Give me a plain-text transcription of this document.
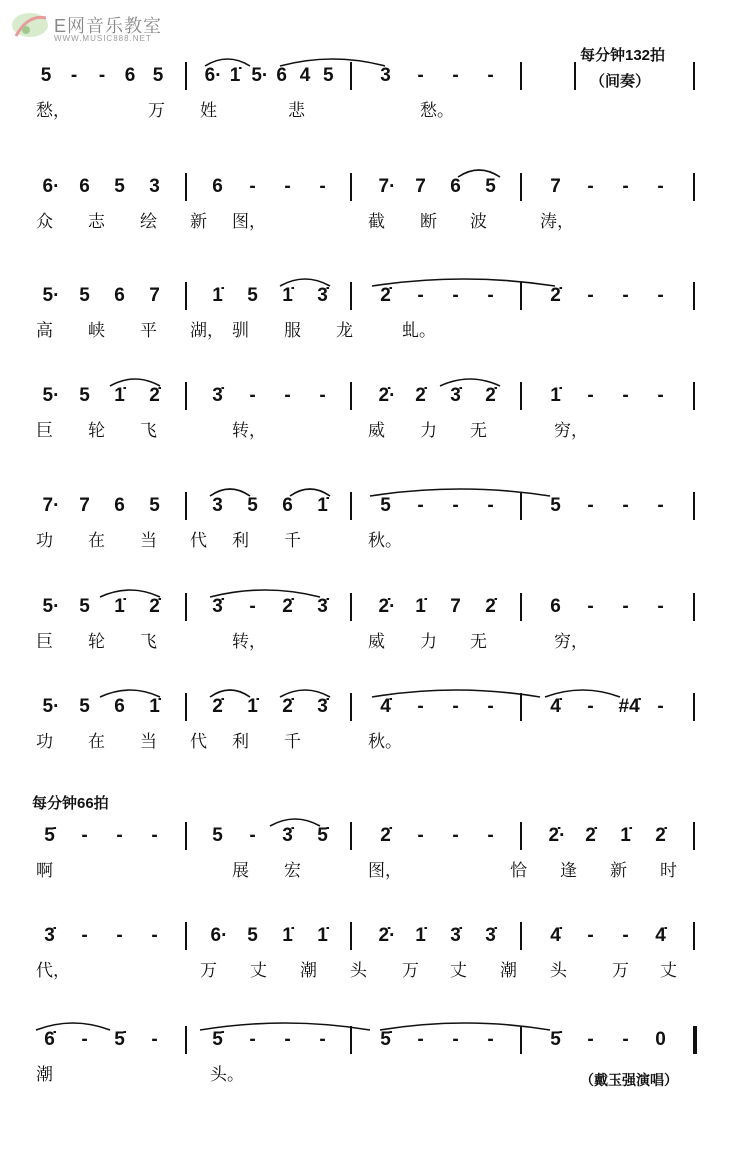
E网音乐教室
WWW.MUSIC888.NET
每分钟132拍
（间奏）
每分钟66拍
（戴玉强演唱）
5 - - 6 5 6· 1̇ 5· 6 4 5 3 - - -
愁，	万 姓	悲	愁。
6· 6 5 3	6 - - -	7· 7 6 5	7 - - -
众 志 绘 新 图，	截 断 波	涛，
5· 5 6 7	1̇ 5 1̇ 3̇	2̇ - - -	2̇ - - -
高 峡 平 湖， 驯 服 龙	虬。
5· 5 1̇ 2̇	3̇ - - -	2̇· 2̇ 3̇ 2̇	1̇ - - -
巨 轮 飞	转，	威 力 无	穷，
7· 7 6 5	3 5 6 1̇	5 - - -	5 - - -
功 在 当 代 利 千	秋。
5· 5 1̇ 2̇	3̇ - 2̇ 3̇	2̇· 1̇ 7 2̇	6 - - -
巨 轮 飞	转，	威 力 无	穷，
5· 5 6 1̇	2̇ 1̇ 2̇ 3̇	4̇ - - -	4̇ - #4̇ -
功 在 当 代 利 千	秋。
5̇ - - -	5 - 3̇ 5̇	2̇ - - -	2̇· 2̇ 1̇ 2̇
啊	展 宏	图，	恰 逢 新 时
3̇ - - -	6· 5 1̇ 1̇	2̇· 1̇ 3̇ 3̇	4̇ - - 4̇
代，	万 丈 潮 头 万 丈 潮 头	万 丈
6̇ - 5̇ -	5̇ - - -	5̇ - - -	5̇ - - 0
潮	头。
